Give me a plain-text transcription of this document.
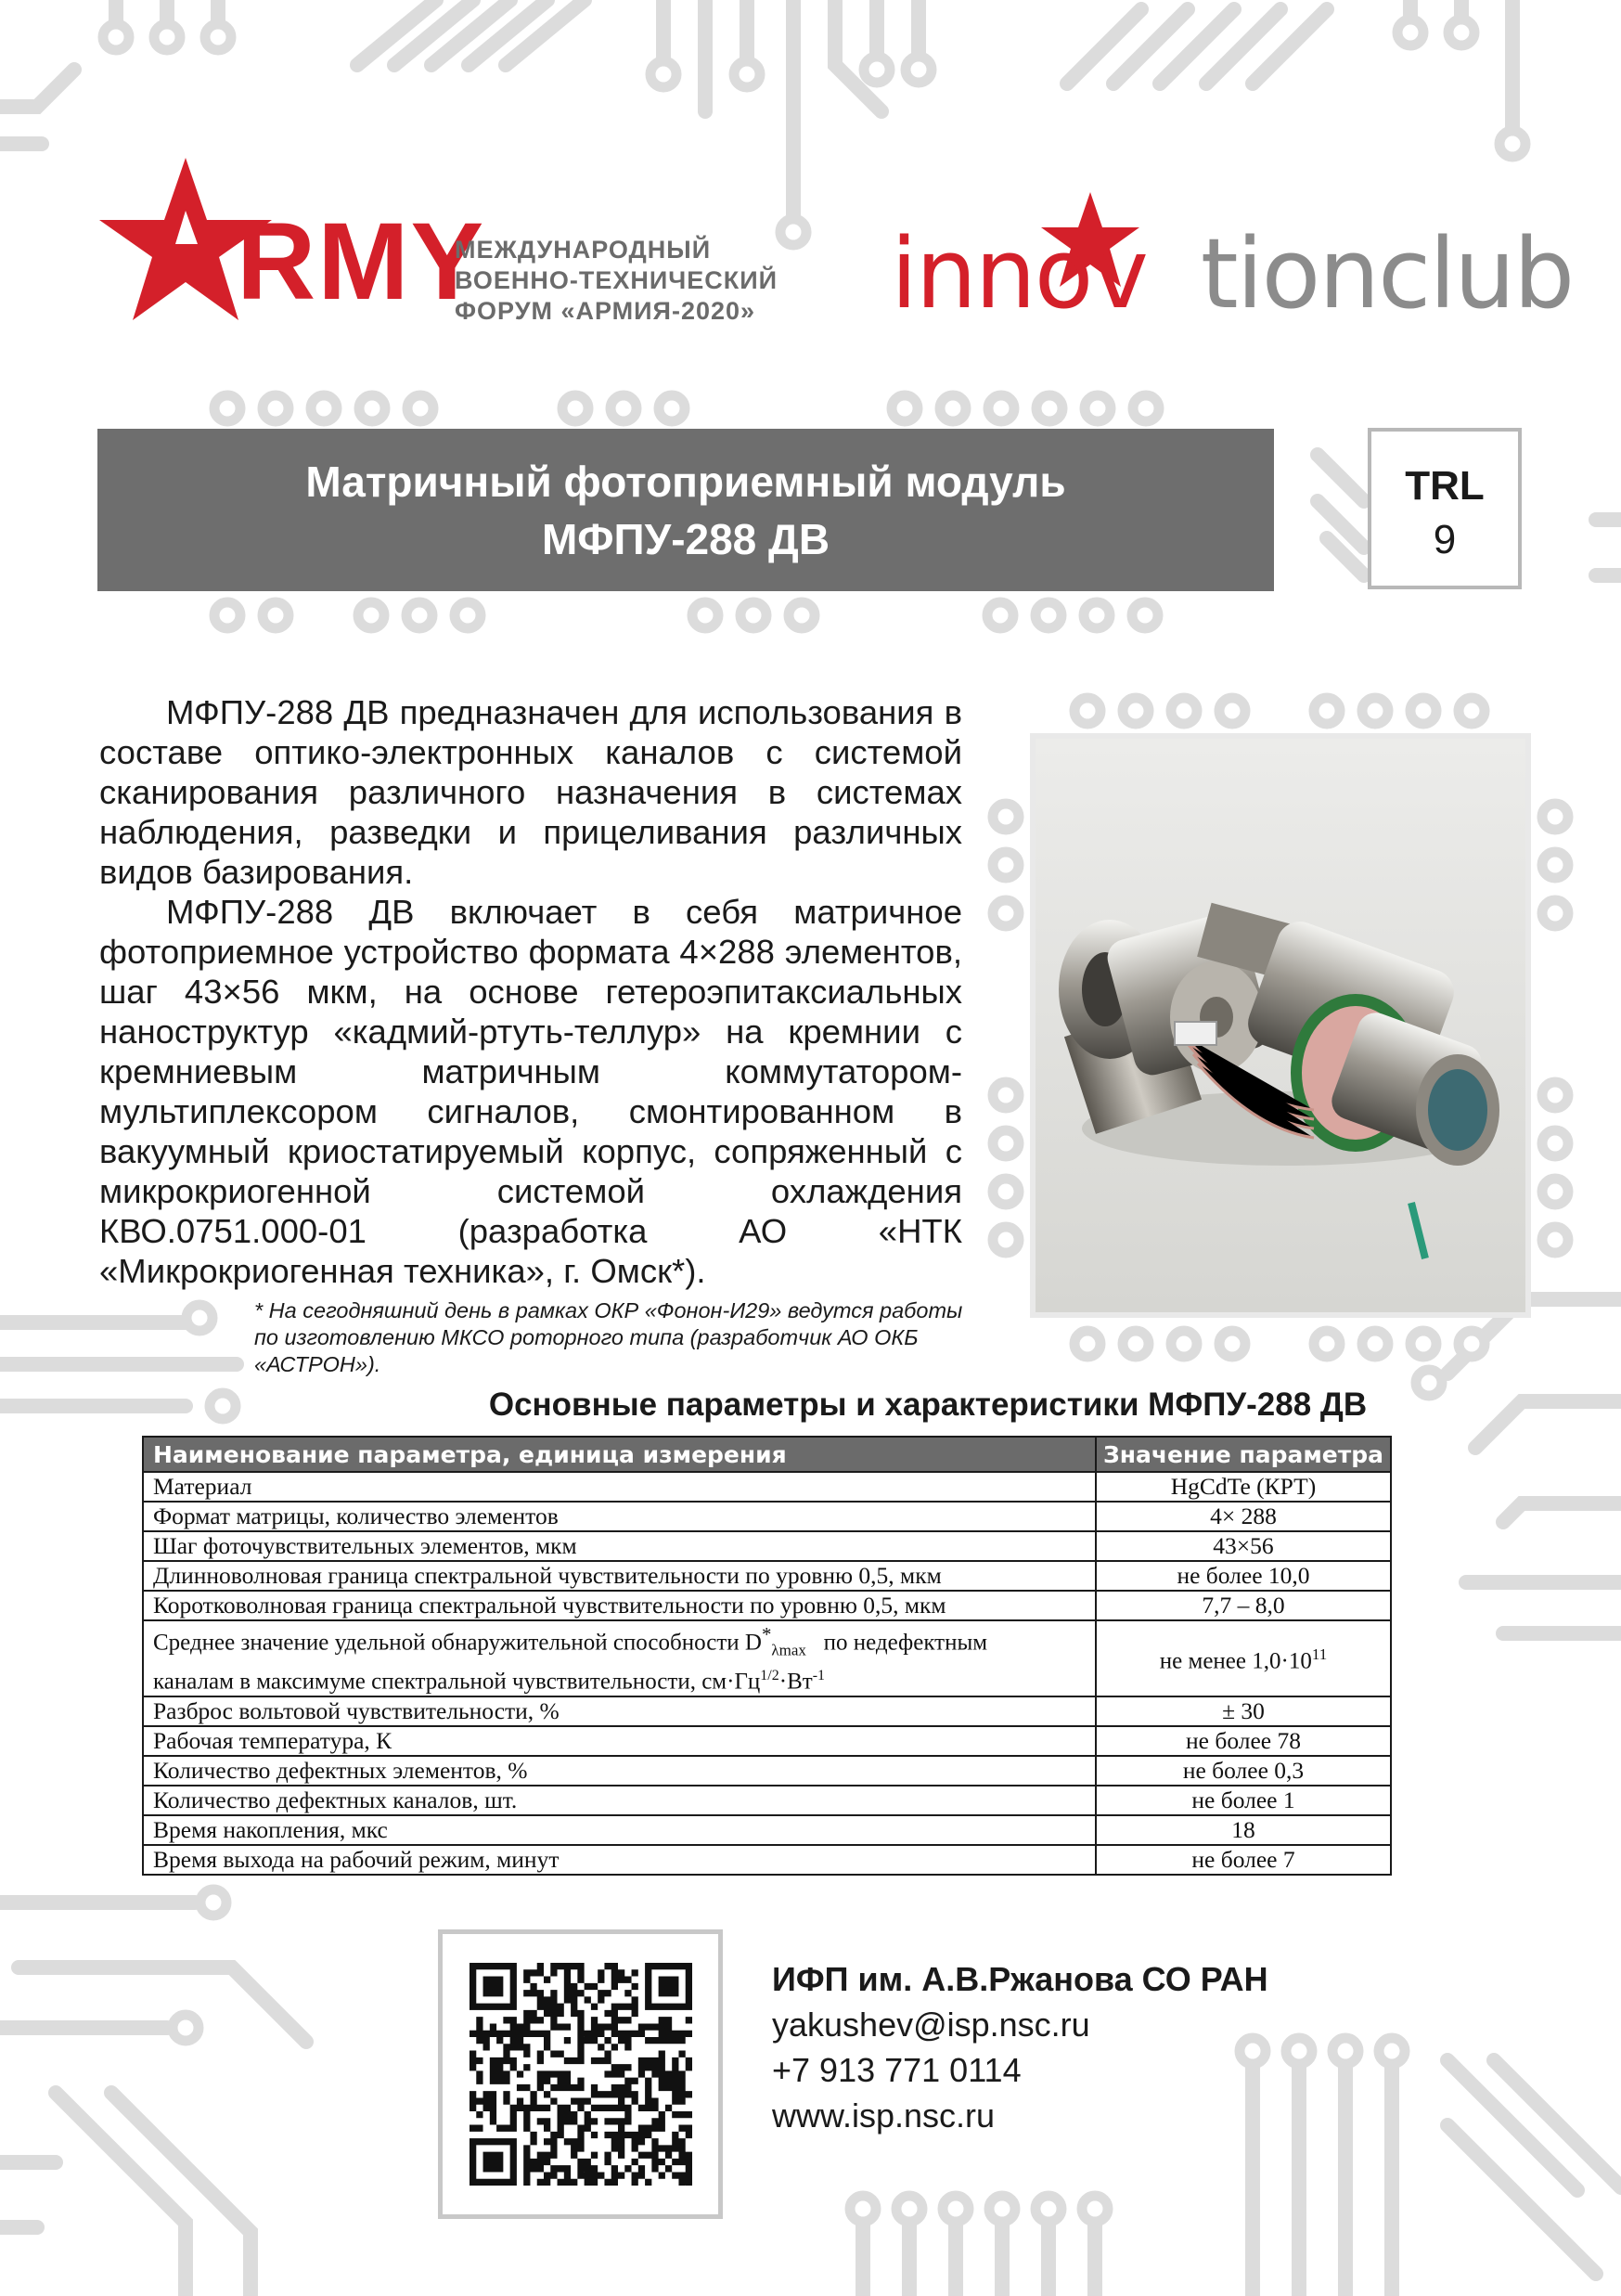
RMY
МЕЖДУНАРОДНЫЙ
ВОЕННО-ТЕХНИЧЕСКИЙ
ФОРУМ «АРМИЯ-2020» innov tionclub
Матричный фотоприемный модуль
МФПУ-288 ДВ
TRL
9

МФПУ-288 ДВ предназначен для использования в составе оптико-электронных каналов с системой сканирования различного назначения в системах наблюдения, разведки и прицеливания различных видов базирования.

МФПУ-288 ДВ включает в себя матричное фотоприемное устройство формата 4×288 элементов, шаг 43×56 мкм, на основе гетероэпитаксиальных наноструктур «кадмий-ртуть-теллур» на кремнии с кремниевым матричным коммутатором-мультиплексором сигналов, смонтированном в вакуумный криостатируемый корпус, сопряженный с микрокриогенной системой охлаждения КВО.0751.000-01 (разработка АО «НТК «Микрокриогенная техника», г. Омск*).

* На сегодняшний день в рамках ОКР «Фонон-И29» ведутся работы по изготовлению МКСО роторного типа (разработчик АО ОКБ «АСТРОН»).
Основные параметры и характеристики МФПУ-288 ДВ
Наименование параметра, единица измерения	Значение параметра
Материал	HgCdTe (КРТ)
Формат матрицы, количество элементов	4× 288
Шаг фоточувствительных элементов, мкм	43×56
Длинноволновая граница спектральной чувствительности по уровню 0,5, мкм	не более 10,0
Коротковолновая граница спектральной чувствительности по уровню 0,5, мкм	7,7 – 8,0

Среднее значение удельной обнаружительной способности $D^*_{\lambda max}$ по недефектным
каналам в максимуме спектральной чувствительности, $см\cdot Гц^{1/2}\cdot Вт^{-1}$	не менее $1,0\cdot 10^{11}$
Разброс вольтовой чувствительности, %	± 30
Рабочая температура, К	не более 78
Количество дефектных элементов, %	не более 0,3
Количество дефектных каналов, шт.	не более 1
Время накопления, мкс	18
Время выхода на рабочий режим, минут	не более 7
ИФП им. А.В.Ржанова СО РАН
yakushev@isp.nsc.ru
+7 913 771 0114
www.isp.nsc.ru
